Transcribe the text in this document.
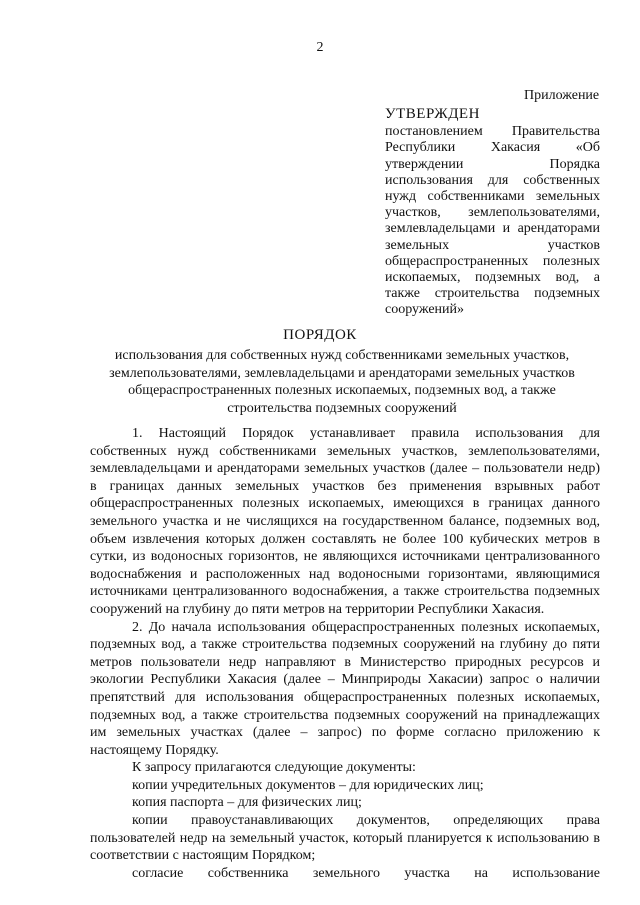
2
Приложение
УТВЕРЖДЕН
постановлением Правительства Республики Хакасия «Об утверждении Порядка использования для собственных нужд собственниками земельных участков, землепользователями, землевладельцами и арендаторами земельных участков общераспространенных полезных ископаемых, подземных вод, а также строительства подземных сооружений»
ПОРЯДОК
использования для собственных нужд собственниками земельных участков, землепользователями, землевладельцами и арендаторами земельных участков общераспространенных полезных ископаемых, подземных вод, а также строительства подземных сооружений

1. Настоящий Порядок устанавливает правила использования для собственных нужд собственниками земельных участков, землепользователями, землевладельцами и арендаторами земельных участков (далее – пользователи недр) в границах данных земельных участков без применения взрывных работ общераспространенных полезных ископаемых, имеющихся в границах данного земельного участка и не числящихся на государственном балансе, подземных вод, объем извлечения которых должен составлять не более 100 кубических метров в сутки, из водоносных горизонтов, не являющихся источниками централизованного водоснабжения и расположенных над водоносными горизонтами, являющимися источниками централизованного водоснабжения, а также строительства подземных сооружений на глубину до пяти метров на территории Республики Хакасия.

2. До начала использования общераспространенных полезных ископаемых, подземных вод, а также строительства подземных сооружений на глубину до пяти метров пользователи недр направляют в Министерство природных ресурсов и экологии Республики Хакасия (далее – Минприроды Хакасии) запрос о наличии препятствий для использования общераспространенных полезных ископаемых, подземных вод, а также строительства подземных сооружений на принадлежащих им земельных участках (далее – запрос) по форме согласно приложению к настоящему Порядку.

К запросу прилагаются следующие документы:

копии учредительных документов – для юридических лиц;

копия паспорта – для физических лиц;

копии правоустанавливающих документов, определяющих права пользователей недр на земельный участок, который планируется к использованию в соответствии с настоящим Порядком;

согласие собственника земельного участка на использование
